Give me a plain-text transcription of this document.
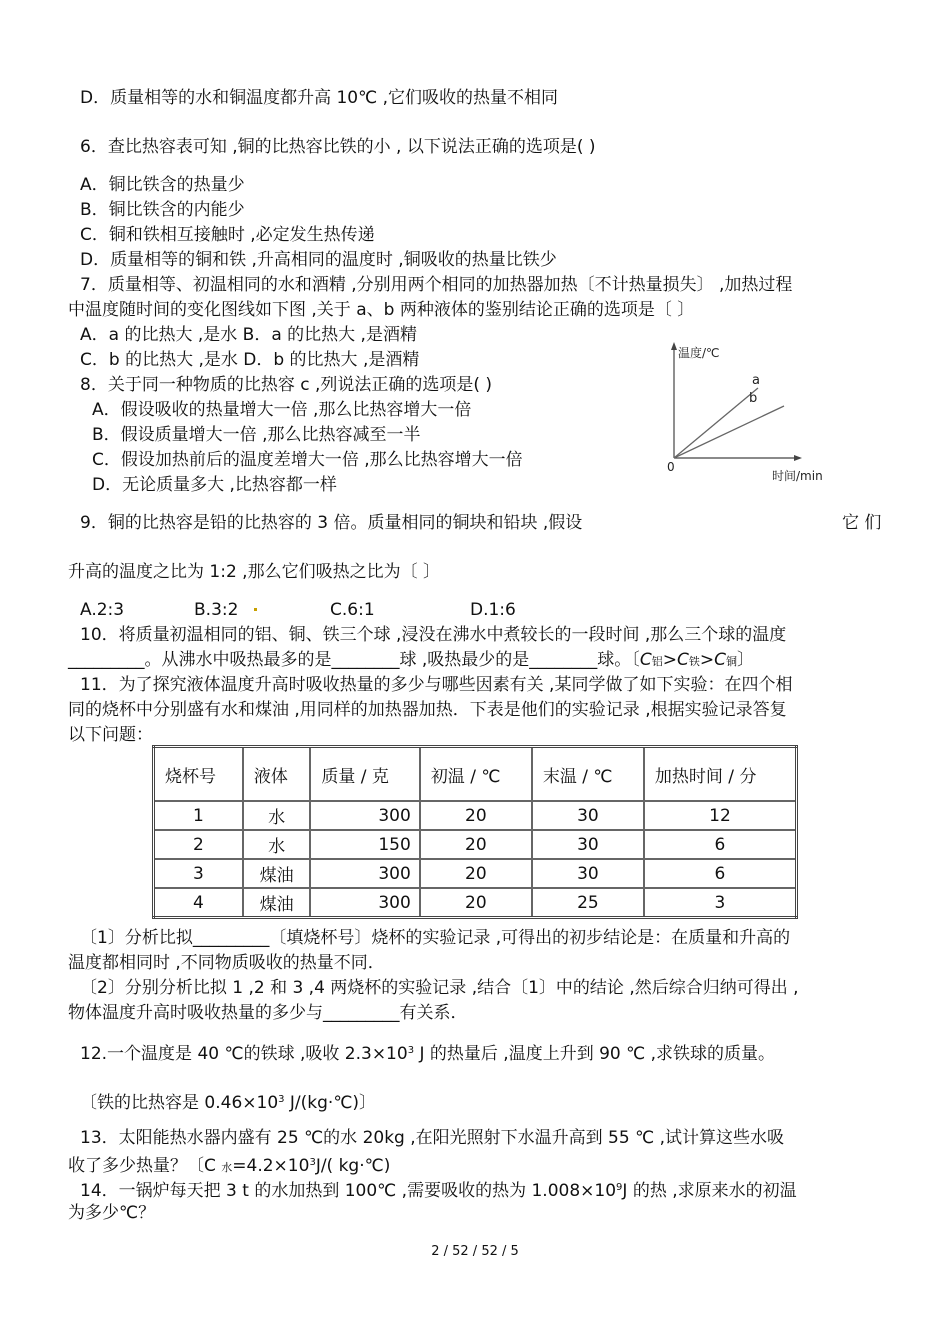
D．质量相等的水和铜温度都升高 10℃ ,它们吸收的热量不相同
6．查比热容表可知 ,铜的比热容比铁的小 , 以下说法正确的选项是( )
A．铜比铁含的热量少
B．铜比铁含的内能少
C．铜和铁相互接触时 ,必定发生热传递
D．质量相等的铜和铁 ,升高相同的温度时 ,铜吸收的热量比铁少
7．质量相等、初温相同的水和酒精 ,分别用两个相同的加热器加热〔不计热量损失〕 ,加热过程
中温度随时间的变化图线如下图 ,关于 a、b 两种液体的鉴别结论正确的选项是〔 〕
A．a 的比热大 ,是水 B．a 的比热大 ,是酒精
C．b 的比热大 ,是水 D．b 的比热大 ,是酒精
8．关于同一种物质的比热容 c ,列说法正确的选项是( )
A．假设吸收的热量增大一倍 ,那么比热容增大一倍
B．假设质量增大一倍 ,那么比热容减至一半
C．假设加热前后的温度差增大一倍 ,那么比热容增大一倍
D．无论质量多大 ,比热容都一样
温度/℃
时间/min
0
a
b
9．铜的比热容是铅的比热容的 3 倍。质量相同的铜块和铅块 ,假设	它 们
升高的温度之比为 1:2 ,那么它们吸热之比为〔 〕
A.2:3	B.3:2	C.6:1	D.1:6
10．将质量初温相同的铝、铜、铁三个球 ,浸没在沸水中煮较长的一段时间 ,那么三个球的温度
_________。从沸水中吸热最多的是________球 ,吸热最少的是________球。〔C铝>C铁>C铜〕
11．为了探究液体温度升高时吸收热量的多少与哪些因素有关 ,某同学做了如下实验：在四个相
同的烧杯中分别盛有水和煤油 ,用同样的加热器加热．下表是他们的实验记录 ,根据实验记录答复
以下问题：
烧杯号	液体	质量 / 克	初温 / ℃	末温 / ℃	加热时间 / 分
1	水	300	20	30	12
2	水	150	20	30	6
3	煤油	300	20	30	6
4	煤油	300	20	25	3
〔1〕分析比拟_________〔填烧杯号〕烧杯的实验记录 ,可得出的初步结论是：在质量和升高的
温度都相同时 ,不同物质吸收的热量不同．
〔2〕分别分析比拟 1 ,2 和 3 ,4 两烧杯的实验记录 ,结合〔1〕中的结论 ,然后综合归纳可得出 ,
物体温度升高时吸收热量的多少与_________有关系．
12.一个温度是 40 ℃的铁球 ,吸收 $2.3\times 10^3$ J 的热量后 ,温度上升到 90 ℃ ,求铁球的质量。
〔铁的比热容是 $0.46\times 10^3$ J/(kg·℃)〕
13．太阳能热水器内盛有 25 ℃的水 20kg ,在阳光照射下水温升高到 55 ℃ ,试计算这些水吸
收了多少热量？〔C 水$=4.2\times 10^3J/$( kg·℃)
14．一锅炉每天把 3 t 的水加热到 100℃ ,需要吸收的热为 $1.008\times 10^9J$ 的热 ,求原来水的初温
为多少℃？
2 / 52 / 52 / 5
